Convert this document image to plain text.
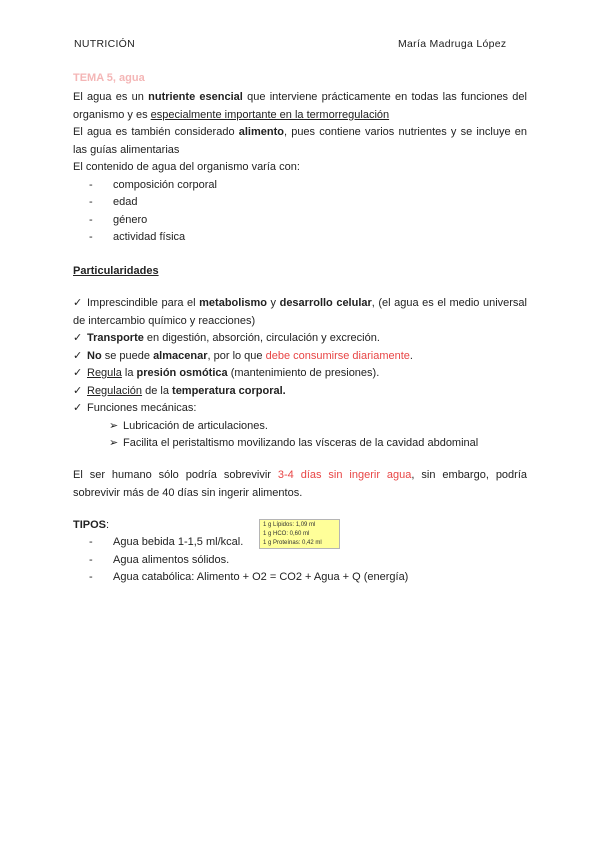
NUTRICIÓN	María Madruga López
TEMA 5, agua
El agua es un nutriente esencial que interviene prácticamente en todas las funciones del
organismo y es especialmente importante en la termorregulación
El agua es también considerado alimento, pues contiene varios nutrientes y se incluye en
las guías alimentarias
El contenido de agua del organismo varía con:
- composición corporal
- edad
- género
- actividad física
Particularidades
✓ Imprescindible para el metabolismo y desarrollo celular, (el agua es el medio universal
de intercambio químico y reacciones)
✓ Transporte en digestión, absorción, circulación y excreción.
✓ No se puede almacenar, por lo que debe consumirse diariamente.
✓ Regula la presión osmótica (mantenimiento de presiones).
✓ Regulación de la temperatura corporal.
✓ Funciones mecánicas:
➢ Lubricación de articulaciones.
➢ Facilita el peristaltismo movilizando las vísceras de la cavidad abdominal
El ser humano sólo podría sobrevivir 3-4 días sin ingerir agua, sin embargo, podría
sobrevivir más de 40 días sin ingerir alimentos.
TIPOS:
- Agua bebida 1-1,5 ml/kcal.
- Agua alimentos sólidos.
- Agua catabólica: Alimento + O2 = CO2 + Agua + Q (energía)
1 g Lípidos: 1,09 ml
1 g HCO: 0,60 ml
1 g Proteínas: 0,42 ml
